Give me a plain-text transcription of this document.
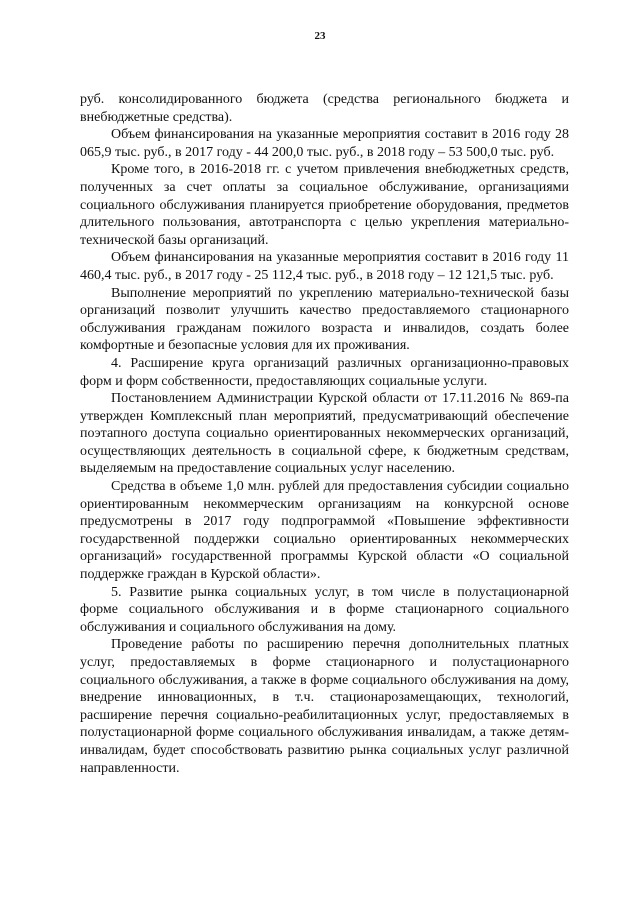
23

руб. консолидированного бюджета (средства регионального бюджета и внебюджетные средства).

Объем финансирования на указанные мероприятия составит в 2016 году 28 065,9 тыс. руб., в 2017 году - 44 200,0 тыс. руб., в 2018 году – 53 500,0 тыс. руб.

Кроме того, в 2016-2018 гг. с учетом привлечения внебюджетных средств, полученных за счет оплаты за социальное обслуживание, организациями социального обслуживания планируется приобретение оборудования, предметов длительного пользования, автотранспорта с целью укрепления материально-технической базы организаций.

Объем финансирования на указанные мероприятия составит в 2016 году 11 460,4 тыс. руб., в 2017 году - 25 112,4 тыс. руб., в 2018 году – 12 121,5 тыс. руб.

Выполнение мероприятий по укреплению материально-технической базы организаций позволит улучшить качество предоставляемого стационарного обслуживания гражданам пожилого возраста и инвалидов, создать более комфортные и безопасные условия для их проживания.

4. Расширение круга организаций различных организационно-правовых форм и форм собственности, предоставляющих социальные услуги.

Постановлением Администрации Курской области от 17.11.2016 № 869-па утвержден Комплексный план мероприятий, предусматривающий обеспечение поэтапного доступа социально ориентированных некоммерческих организаций, осуществляющих деятельность в социальной сфере, к бюджетным средствам, выделяемым на предоставление социальных услуг населению.

Средства в объеме 1,0 млн. рублей для предоставления субсидии социально ориентированным некоммерческим организациям на конкурсной основе предусмотрены в 2017 году подпрограммой «Повышение эффективности государственной поддержки социально ориентированных некоммерческих организаций» государственной программы Курской области «О социальной поддержке граждан в Курской области».

5. Развитие рынка социальных услуг, в том числе в полустационарной форме социального обслуживания и в форме стационарного социального обслуживания и социального обслуживания на дому.

Проведение работы по расширению перечня дополнительных платных услуг, предоставляемых в форме стационарного и полустационарного социального обслуживания, а также в форме социального обслуживания на дому, внедрение инновационных, в т.ч. стационарозамещающих, технологий, расширение перечня социально-реабилитационных услуг, предоставляемых в полустационарной форме социального обслуживания инвалидам, а также детям-инвалидам, будет способствовать развитию рынка социальных услуг различной направленности.
